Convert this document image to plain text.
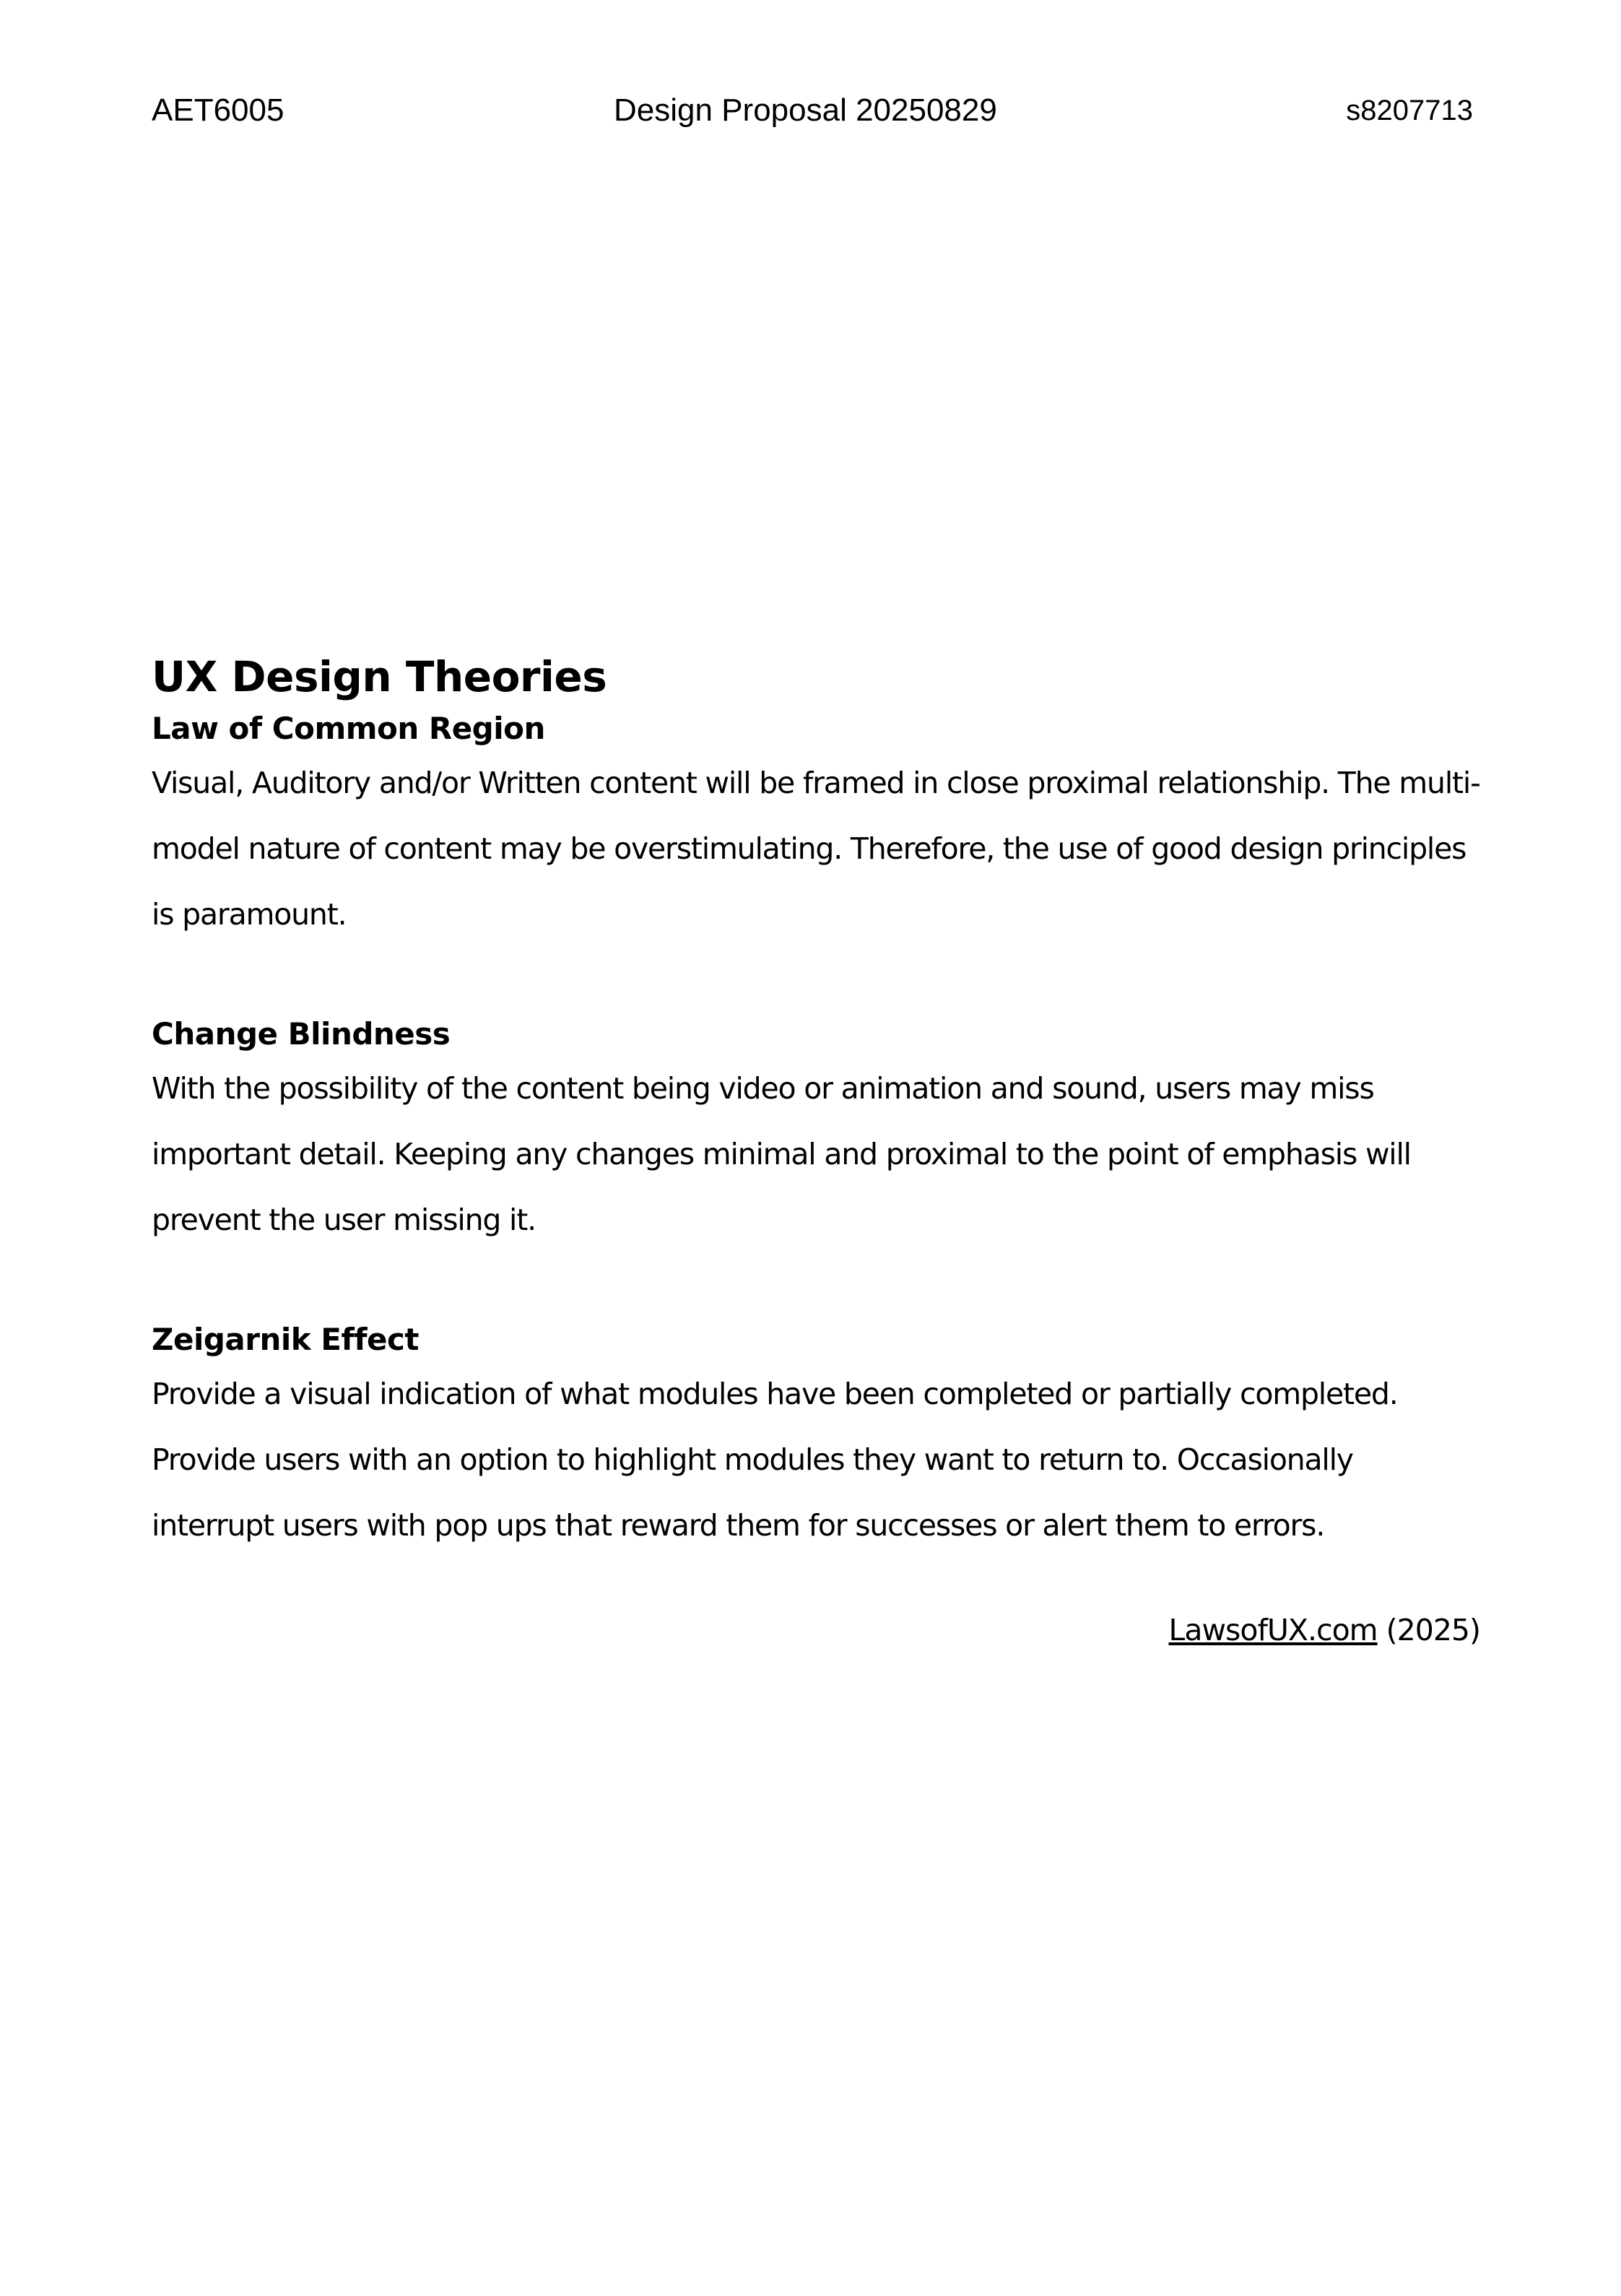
AET6005	Design Proposal 20250829	s8207713
UX Design Theories
Law of Common Region

Visual, Auditory and/or Written content will be framed in close proximal relationship. The multi-model nature of content may be overstimulating. Therefore, the use of good design principles is paramount.

Change Blindness

With the possibility of the content being video or animation and sound, users may miss important detail. Keeping any changes minimal and proximal to the point of emphasis will prevent the user missing it.

Zeigarnik Effect

Provide a visual indication of what modules have been completed or partially completed. Provide users with an option to highlight modules they want to return to. Occasionally interrupt users with pop ups that reward them for successes or alert them to errors.

LawsofUX.com (2025)
